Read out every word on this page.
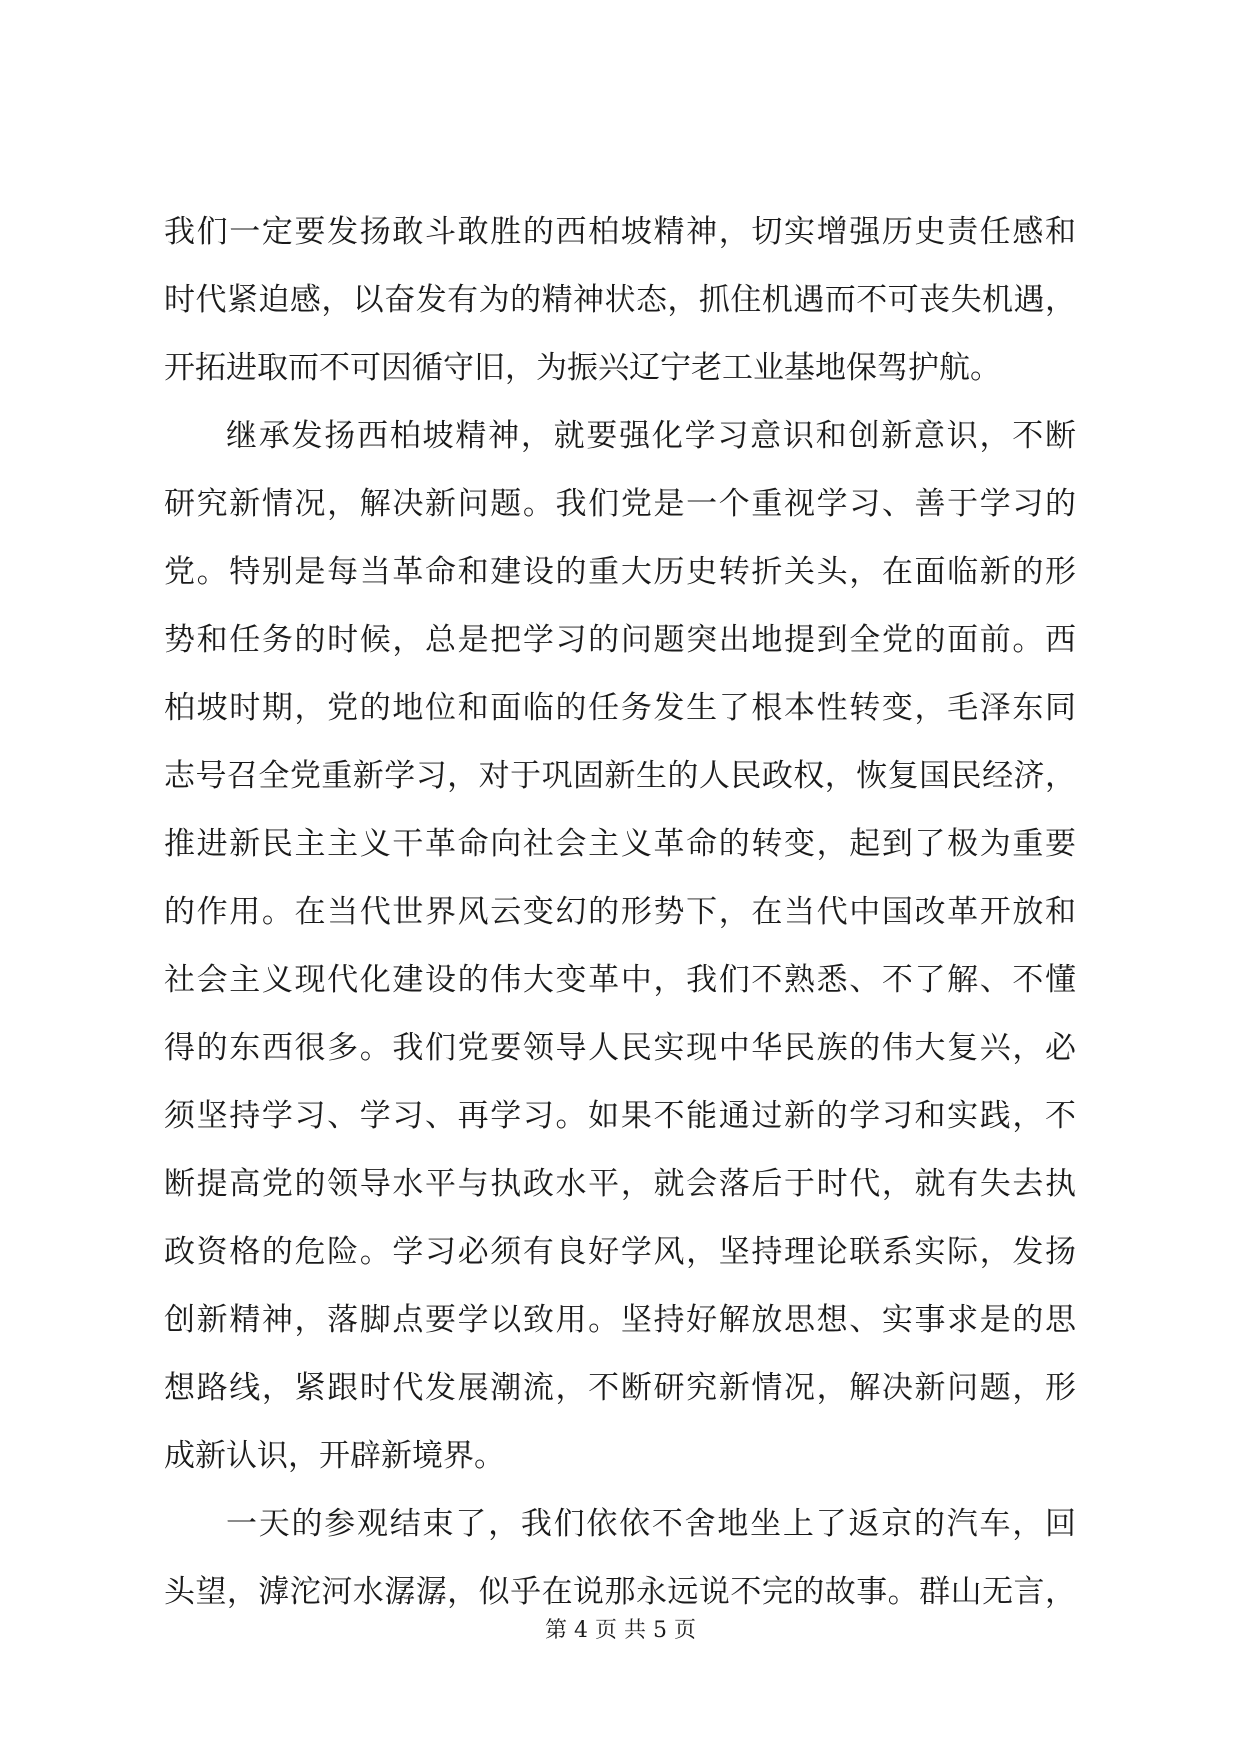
我们一定要发扬敢斗敢胜的西柏坡精神，切实增强历史责任感和
时代紧迫感，以奋发有为的精神状态，抓住机遇而不可丧失机遇，
开拓进取而不可因循守旧，为振兴辽宁老工业基地保驾护航。
继承发扬西柏坡精神，就要强化学习意识和创新意识，不断
研究新情况，解决新问题。我们党是一个重视学习、善于学习的
党。特别是每当革命和建设的重大历史转折关头，在面临新的形
势和任务的时候，总是把学习的问题突出地提到全党的面前。西
柏坡时期，党的地位和面临的任务发生了根本性转变，毛泽东同
志号召全党重新学习，对于巩固新生的人民政权，恢复国民经济，
推进新民主主义干革命向社会主义革命的转变，起到了极为重要
的作用。在当代世界风云变幻的形势下，在当代中国改革开放和
社会主义现代化建设的伟大变革中，我们不熟悉、不了解、不懂
得的东西很多。我们党要领导人民实现中华民族的伟大复兴，必
须坚持学习、学习、再学习。如果不能通过新的学习和实践，不
断提高党的领导水平与执政水平，就会落后于时代，就有失去执
政资格的危险。学习必须有良好学风，坚持理论联系实际，发扬
创新精神，落脚点要学以致用。坚持好解放思想、实事求是的思
想路线，紧跟时代发展潮流，不断研究新情况，解决新问题，形
成新认识，开辟新境界。
一天的参观结束了，我们依依不舍地坐上了返京的汽车，回
头望，滹沱河水潺潺，似乎在说那永远说不完的故事。群山无言，
第 4 页 共 5 页
